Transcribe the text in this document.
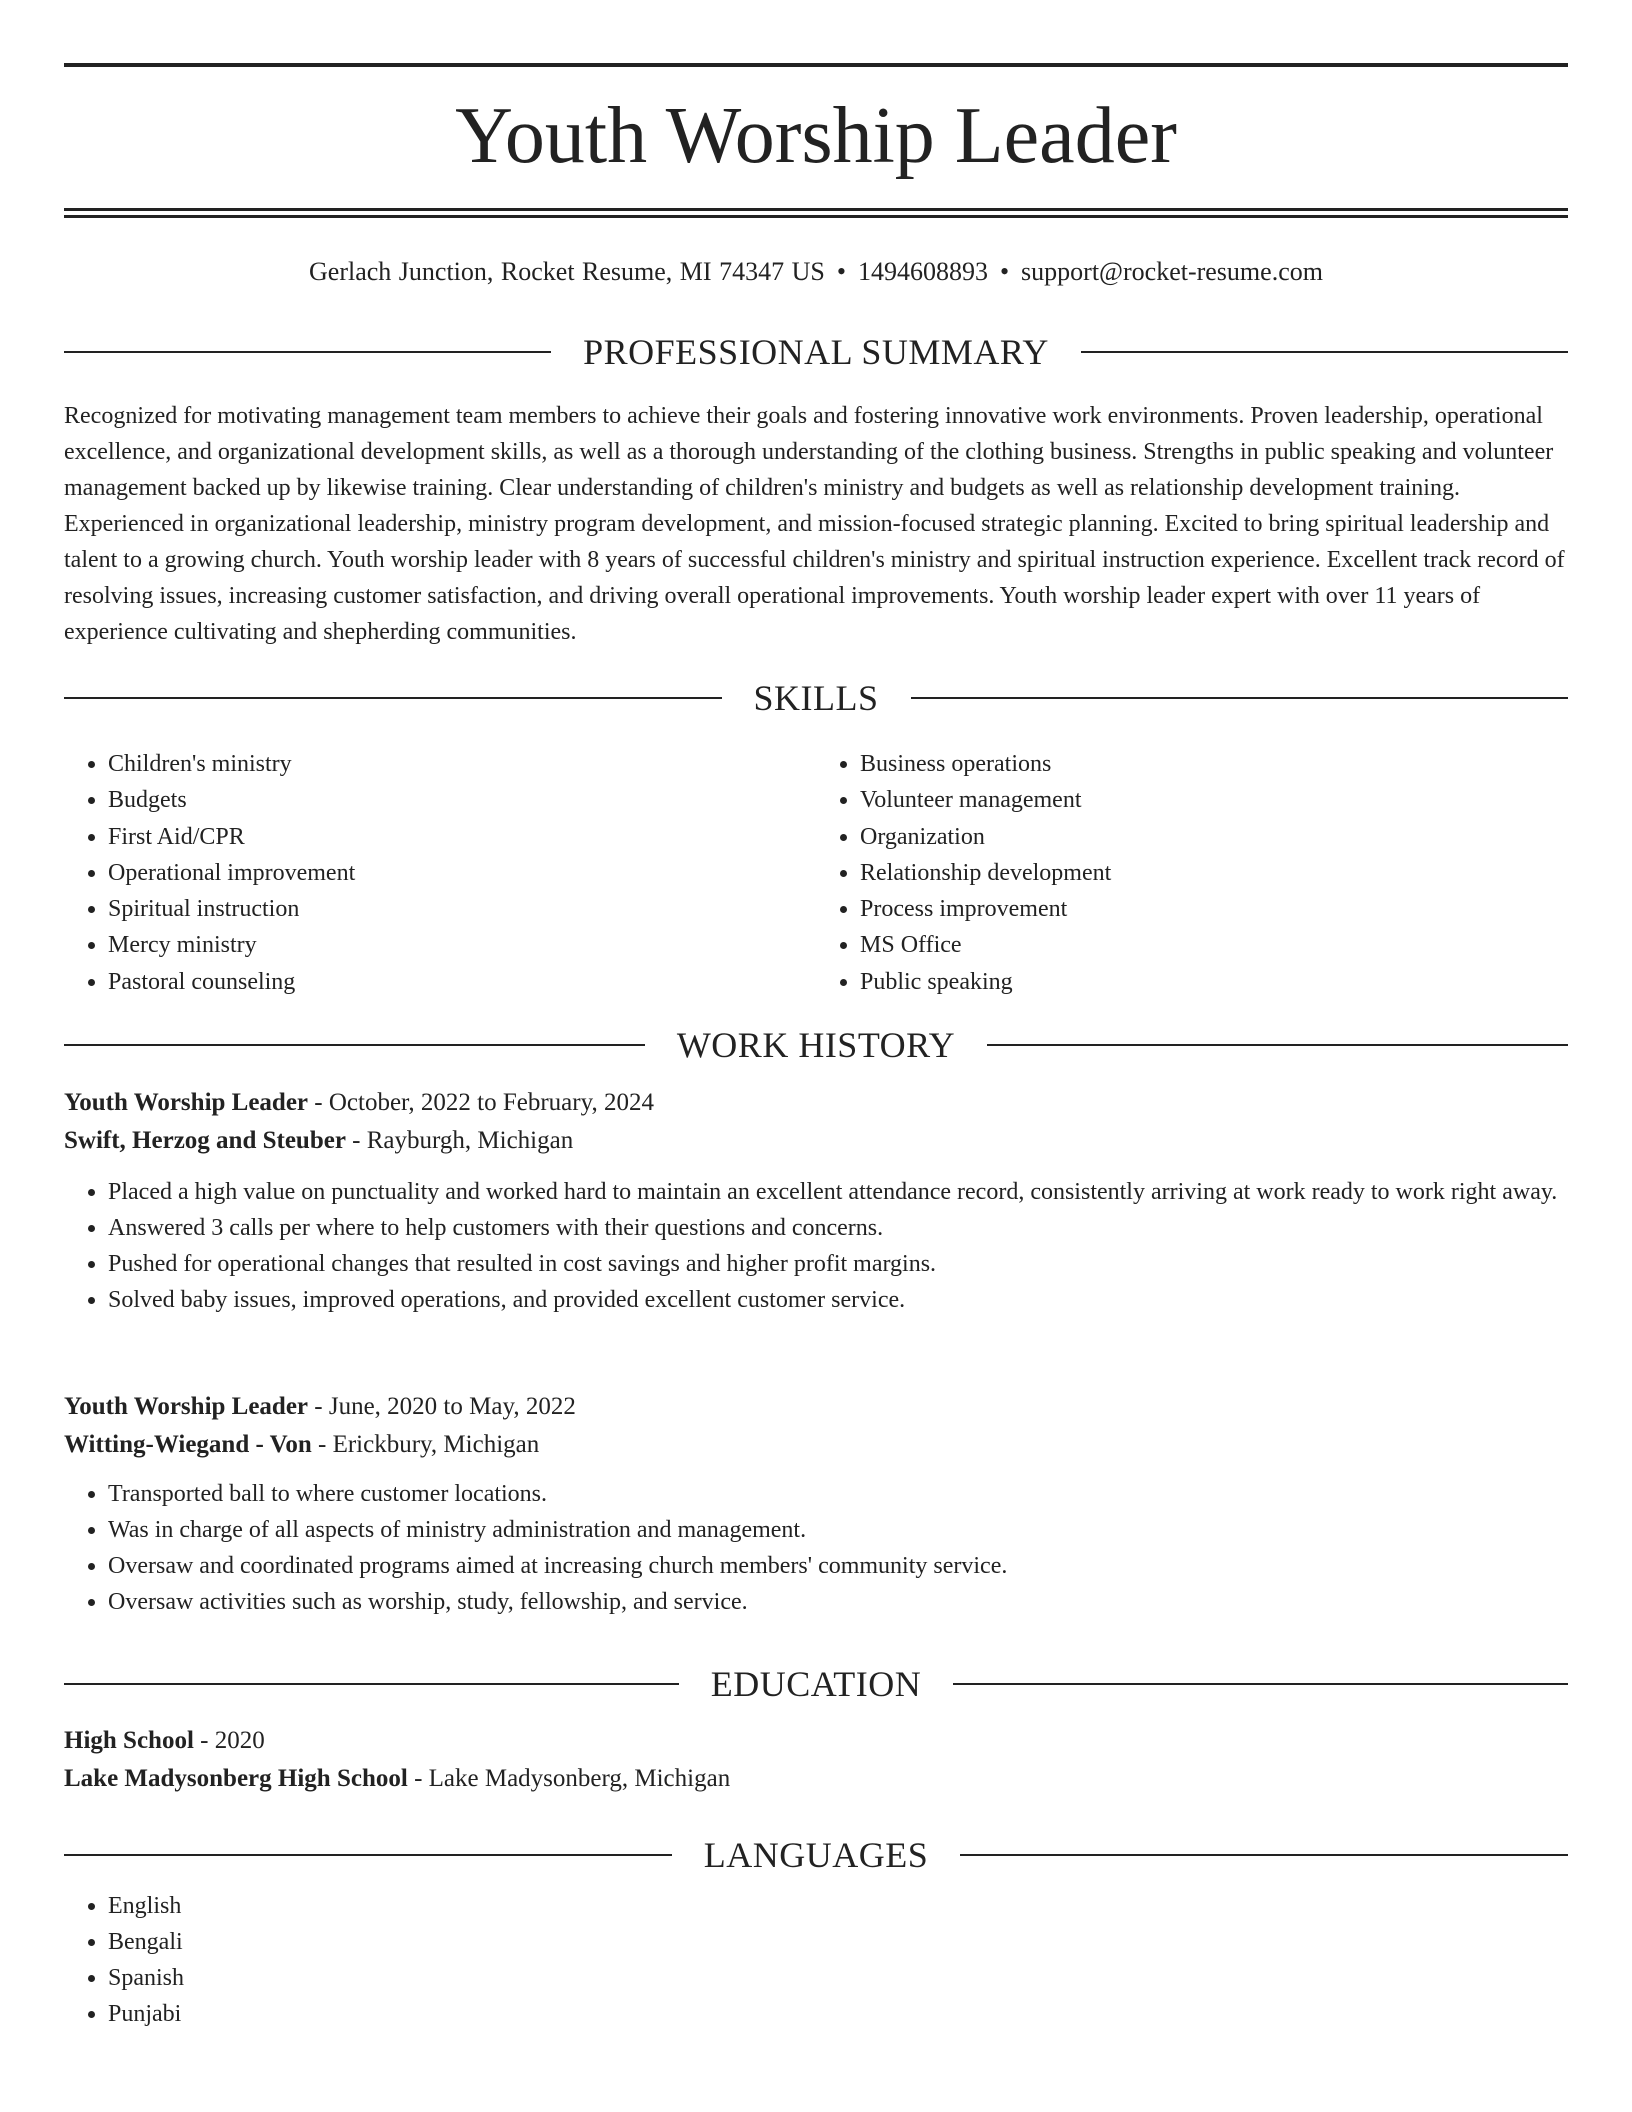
Youth Worship Leader
Gerlach Junction, Rocket Resume, MI 74347 US • 1494608893 • support@rocket-resume.com
PROFESSIONAL SUMMARY
Recognized for motivating management team members to achieve their goals and fostering innovative work environments. Proven leadership, operational excellence, and organizational development skills, as well as a thorough understanding of the clothing business. Strengths in public speaking and volunteer management backed up by likewise training. Clear understanding of children's ministry and budgets as well as relationship development training. Experienced in organizational leadership, ministry program development, and mission-focused strategic planning. Excited to bring spiritual leadership and talent to a growing church. Youth worship leader with 8 years of successful children's ministry and spiritual instruction experience. Excellent track record of resolving issues, increasing customer satisfaction, and driving overall operational improvements. Youth worship leader expert with over 11 years of experience cultivating and shepherding communities.
SKILLS
• Children's ministry
• Budgets
• First Aid/CPR
• Operational improvement
• Spiritual instruction
• Mercy ministry
• Pastoral counseling
• Business operations
• Volunteer management
• Organization
• Relationship development
• Process improvement
• MS Office
• Public speaking
WORK HISTORY
Youth Worship Leader - October, 2022 to February, 2024
Swift, Herzog and Steuber - Rayburgh, Michigan
• Placed a high value on punctuality and worked hard to maintain an excellent attendance record, consistently arriving at work ready to work right away.
• Answered 3 calls per where to help customers with their questions and concerns.
• Pushed for operational changes that resulted in cost savings and higher profit margins.
• Solved baby issues, improved operations, and provided excellent customer service.
Youth Worship Leader - June, 2020 to May, 2022
Witting-Wiegand - Von - Erickbury, Michigan
• Transported ball to where customer locations.
• Was in charge of all aspects of ministry administration and management.
• Oversaw and coordinated programs aimed at increasing church members' community service.
• Oversaw activities such as worship, study, fellowship, and service.
EDUCATION
High School - 2020
Lake Madysonberg High School - Lake Madysonberg, Michigan
LANGUAGES
• English
• Bengali
• Spanish
• Punjabi
